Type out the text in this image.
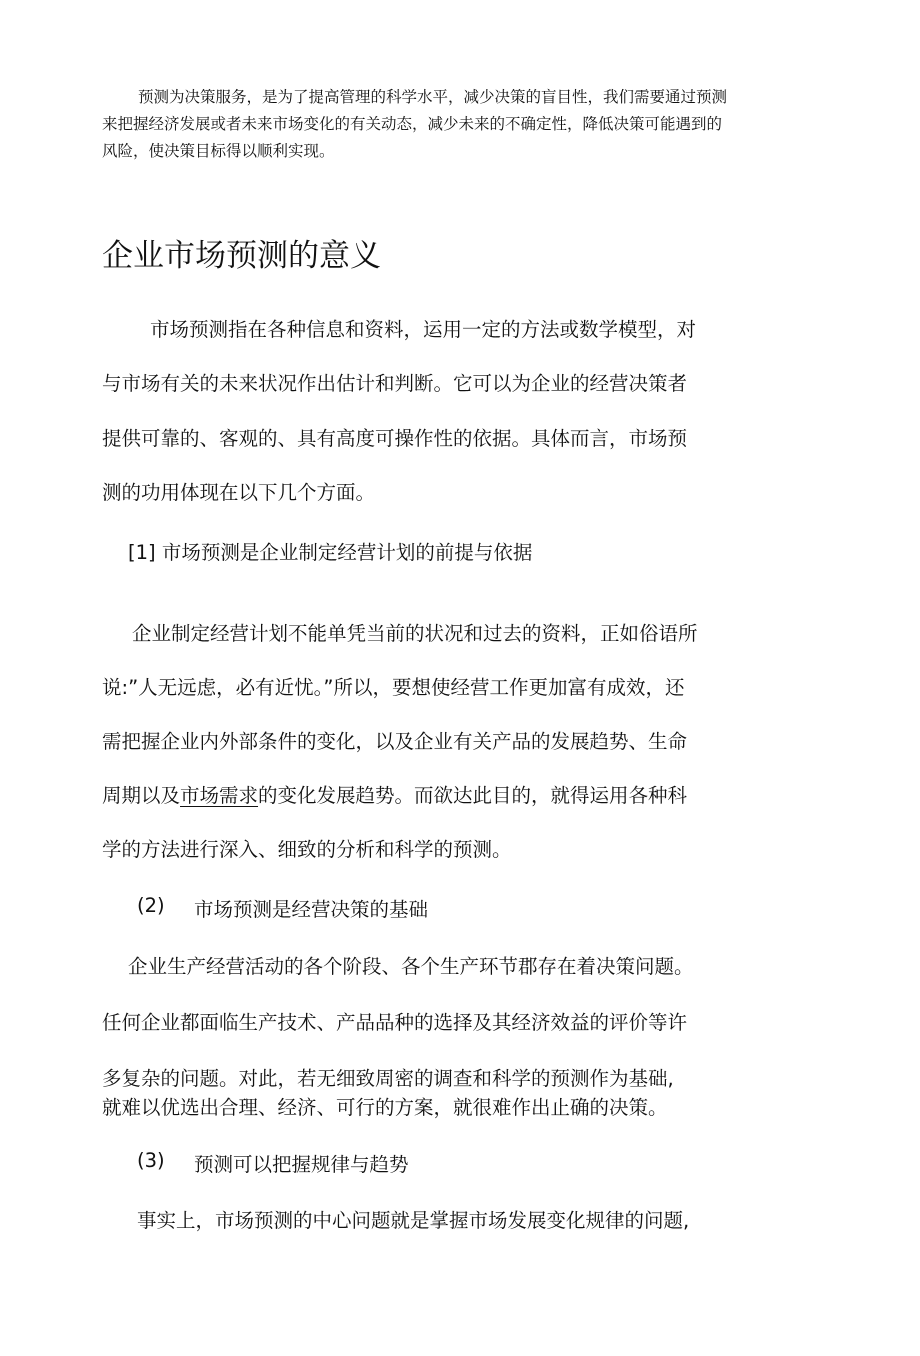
预测为决策服务，是为了提高管理的科学水平，减少决策的盲目性，我们需要通过预测
来把握经济发展或者未来市场变化的有关动态，减少未来的不确定性，降低决策可能遇到的
风险，使决策目标得以顺利实现。
企业市场预测的意义
市场预测指在各种信息和资料，运用一定的方法或数学模型，对
与市场有关的未来状况作出估计和判断。它可以为企业的经营决策者
提供可靠的、客观的、具有高度可操作性的依据。具体而言，市场预
测的功用体现在以下几个方面。
[1] 市场预测是企业制定经营计划的前提与依据
企业制定经营计划不能单凭当前的状况和过去的资料，正如俗语所
说:”人无远虑，必有近忧。”所以，要想使经营工作更加富有成效，还
需把握企业内外部条件的变化，以及企业有关产品的发展趋势、生命
周期以及市场需求的变化发展趋势。而欲达此目的，就得运用各种科
学的方法进行深入、细致的分析和科学的预测。
(2) 市场预测是经营决策的基础
企业生产经营活动的各个阶段、各个生产环节郡存在着决策问题。
任何企业都面临生产技术、产品品种的选择及其经济效益的评价等许
多复杂的问题。对此，若无细致周密的调查和科学的预测作为基础,
就难以优选出合理、经济、可行的方案，就很难作出止确的决策。
(3) 预测可以把握规律与趋势
事实上，市场预测的中心问题就是掌握市场发展变化规律的问题,
